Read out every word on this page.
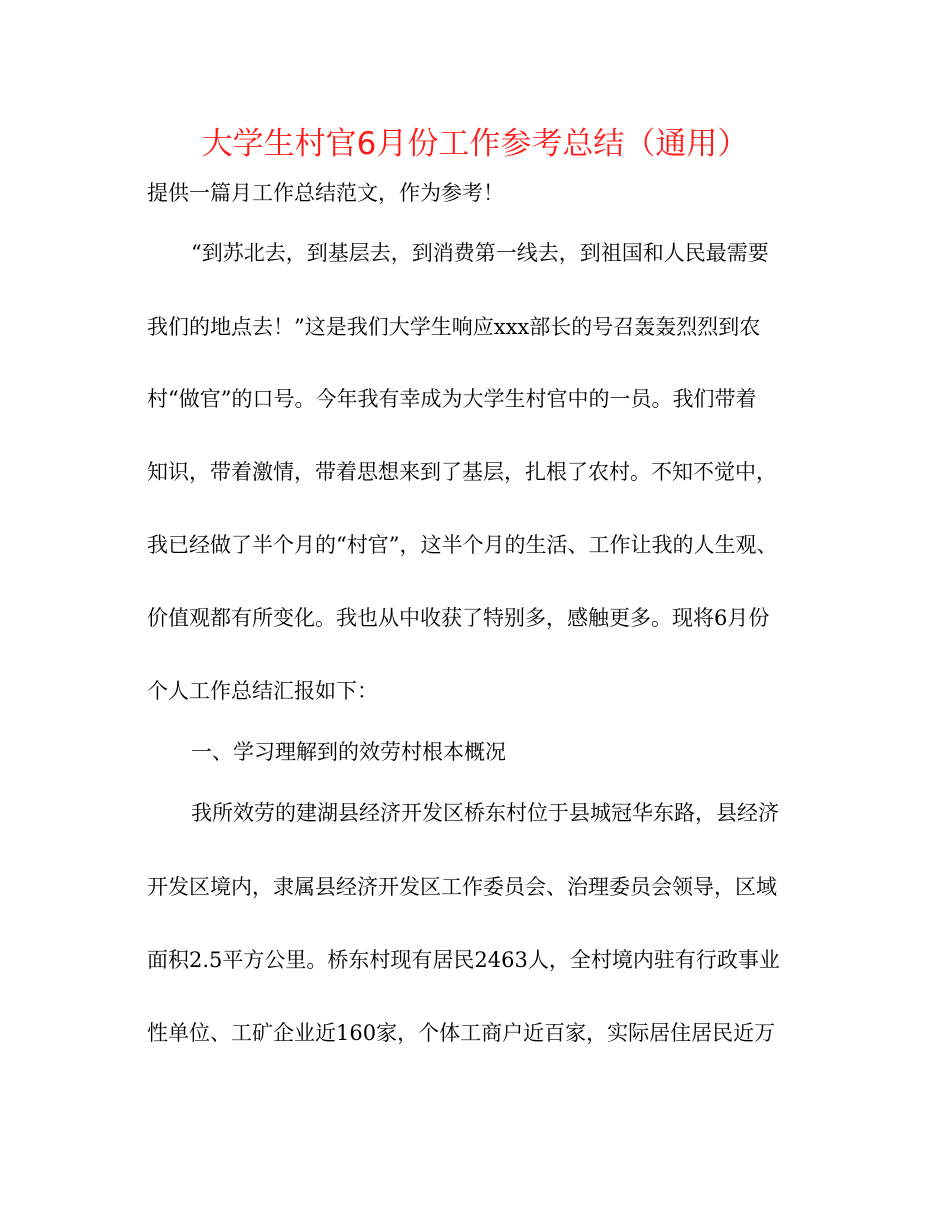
大学生村官6月份工作参考总结（通用）
提供一篇月工作总结范文，作为参考！
“到苏北去，到基层去，到消费第一线去，到祖国和人民最需要
我们的地点去！”这是我们大学生响应xxx部长的号召轰轰烈烈到农
村“做官”的口号。今年我有幸成为大学生村官中的一员。我们带着
知识，带着激情，带着思想来到了基层，扎根了农村。不知不觉中，
我已经做了半个月的“村官”，这半个月的生活、工作让我的人生观、
价值观都有所变化。我也从中收获了特别多，感触更多。现将6月份
个人工作总结汇报如下：
一、学习理解到的效劳村根本概况
我所效劳的建湖县经济开发区桥东村位于县城冠华东路，县经济
开发区境内，隶属县经济开发区工作委员会、治理委员会领导，区域
面积2.5平方公里。桥东村现有居民2463人，全村境内驻有行政事业
性单位、工矿企业近160家，个体工商户近百家，实际居住居民近万
